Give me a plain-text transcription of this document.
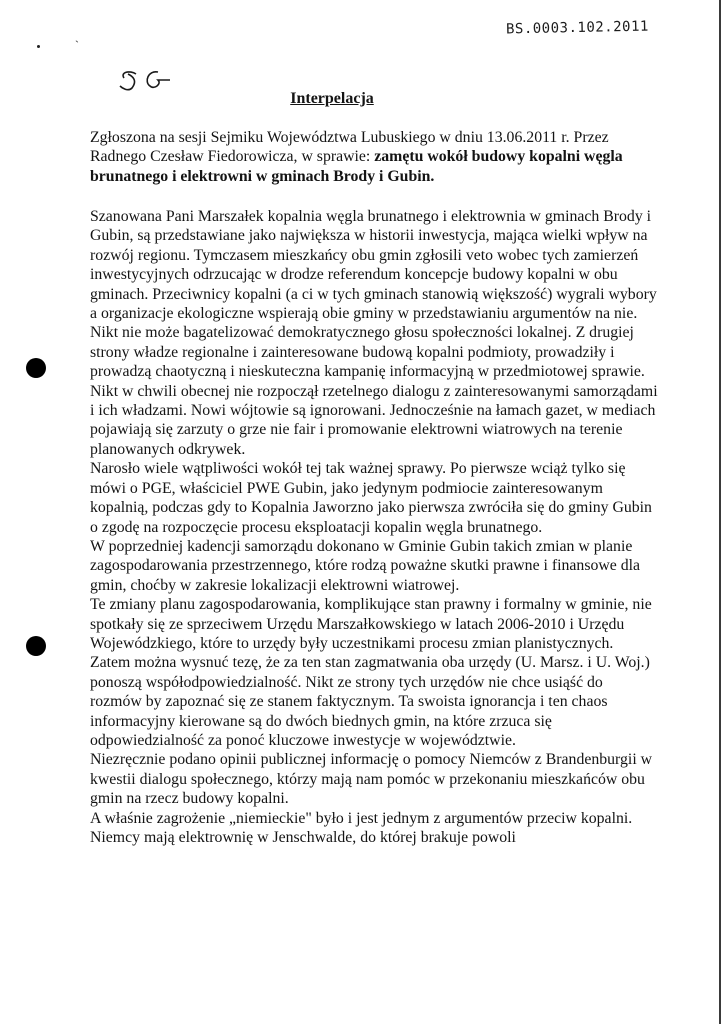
BS.0003.102.2011
ˋ
Interpelacja

Zgłoszona na sesji Sejmiku Województwa Lubuskiego w dniu 13.06.2011 r. Przez Radnego Czesław Fiedorowicza, w sprawie: zamętu wokół budowy kopalni węgla brunatnego i elektrowni w gminach Brody i Gubin.

Szanowana Pani Marszałek kopalnia węgla brunatnego i elektrownia w gminach Brody i Gubin, są przedstawiane jako największa w historii inwestycja, mająca wielki wpływ na rozwój regionu. Tymczasem mieszkańcy obu gmin zgłosili veto wobec tych zamierzeń inwestycyjnych odrzucając w drodze referendum koncepcje budowy kopalni w obu gminach. Przeciwnicy kopalni (a ci w tych gminach stanowią większość) wygrali wybory a organizacje ekologiczne wspierają obie gminy w przedstawianiu argumentów na nie. Nikt nie może bagatelizować demokratycznego głosu społeczności lokalnej. Z drugiej strony władze regionalne i zainteresowane budową kopalni podmioty, prowadziły i prowadzą chaotyczną i nieskuteczna kampanię informacyjną w przedmiotowej sprawie. Nikt w chwili obecnej nie rozpoczął rzetelnego dialogu z zainteresowanymi samorządami i ich władzami. Nowi wójtowie są ignorowani. Jednocześnie na łamach gazet, w mediach pojawiają się zarzuty o grze nie fair i promowanie elektrowni wiatrowych na terenie planowanych odkrywek.

Narosło wiele wątpliwości wokół tej tak ważnej sprawy. Po pierwsze wciąż tylko się mówi o PGE, właściciel PWE Gubin, jako jedynym podmiocie zainteresowanym kopalnią, podczas gdy to Kopalnia Jaworzno jako pierwsza zwróciła się do gminy Gubin o zgodę na rozpoczęcie procesu eksploatacji kopalin węgla brunatnego.

W poprzedniej kadencji samorządu dokonano w Gminie Gubin takich zmian w planie zagospodarowania przestrzennego, które rodzą poważne skutki prawne i finansowe dla gmin, choćby w zakresie lokalizacji elektrowni wiatrowej.

Te zmiany planu zagospodarowania, komplikujące stan prawny i formalny w gminie, nie spotkały się ze sprzeciwem Urzędu Marszałkowskiego w latach 2006-2010 i Urzędu Wojewódzkiego, które to urzędy były uczestnikami procesu zmian planistycznych.

Zatem można wysnuć tezę, że za ten stan zagmatwania oba urzędy (U. Marsz. i U. Woj.) ponoszą współodpowiedzialność. Nikt ze strony tych urzędów nie chce usiąść do rozmów by zapoznać się ze stanem faktycznym. Ta swoista ignorancja i ten chaos informacyjny kierowane są do dwóch biednych gmin, na które zrzuca się odpowiedzialność za ponoć kluczowe inwestycje w województwie.

Niezręcznie podano opinii publicznej informację o pomocy Niemców z Brandenburgii w kwestii dialogu społecznego, którzy mają nam pomóc w przekonaniu mieszkańców obu gmin na rzecz budowy kopalni.

A właśnie zagrożenie „niemieckie" było i jest jednym z argumentów przeciw kopalni. Niemcy mają elektrownię w Jenschwalde, do której brakuje powoli
